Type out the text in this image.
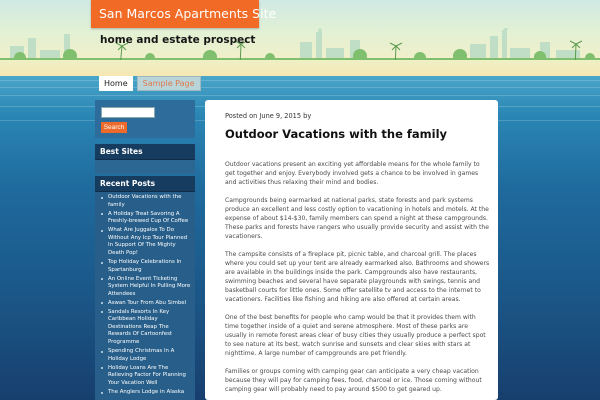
San Marcos Apartments Site
home and estate prospect
Home	Sample Page
Search
Best Sites
Recent Posts
Outdoor Vacations with the family
A Holiday Treat Savoring A Freshly-brewed Cup Of Coffee
What Are Juggalos To Do Without Any Icp Tour Planned In Support Of The Mighty Death Pop!
Top Holiday Celebrations In Spartanburg
An Online Event Ticketing System Helpful In Pulling More Attendees
Aswan Tour From Abu Simbel
Sandals Resorts In Key Caribbean Holiday Destinations Reap The Rewards Of Cartoonfest Programme
Spending Christmas In A Holiday Lodge
Holiday Loans Are The Relieving Factor For Planning Your Vacation Well
The Anglers Lodge in Alaska
Posted on June 9, 2015 by
Outdoor Vacations with the family

Outdoor vacations present an exciting yet affordable means for the whole family to get together and enjoy. Everybody involved gets a chance to be involved in games and activities thus relaxing their mind and bodies.

Campgrounds being earmarked at national parks, state forests and park systems produce an excellent and less costly option to vacationing in hotels and motels. At the expense of about $14-$30, family members can spend a night at these campgrounds. These parks and forests have rangers who usually provide security and assist with the vacationers.

The campsite consists of a fireplace pit, picnic table, and charcoal grill. The places where you could set up your tent are already earmarked also. Bathrooms and showers are available in the buildings inside the park. Campgrounds also have restaurants, swimming beaches and several have separate playgrounds with swings, tennis and basketball courts for little ones. Some offer satellite tv and access to the internet to vacationers. Facilities like fishing and hiking are also offered at certain areas.

One of the best benefits for people who camp would be that it provides them with time together inside of a quiet and serene atmosphere. Most of these parks are usually in remote forest areas clear of busy cities they usually produce a perfect spot to see nature at its best, watch sunrise and sunsets and clear skies with stars at nighttime. A large number of campgrounds are pet friendly.

Families or groups coming with camping gear can anticipate a very cheap vacation because they will pay for camping fees, food, charcoal or ice. Those coming without camping gear will probably need to pay around $500 to get geared up.
